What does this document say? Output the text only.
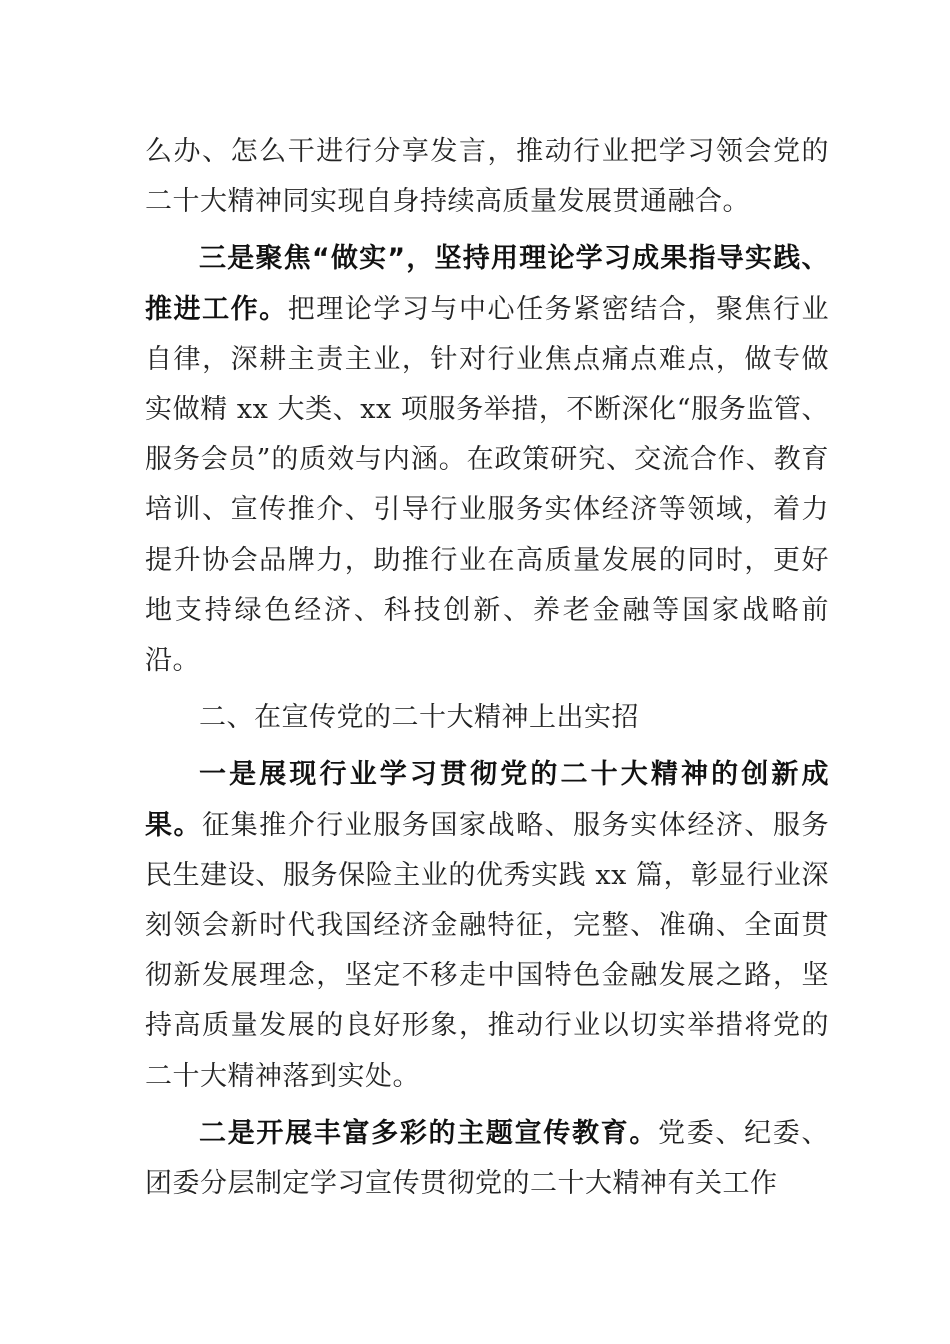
么办、怎么干进行分享发言，推动行业把学习领会党的二十大精神同实现自身持续高质量发展贯通融合。

三是聚焦“做实”，坚持用理论学习成果指导实践、推进工作。把理论学习与中心任务紧密结合，聚焦行业自律，深耕主责主业，针对行业焦点痛点难点，做专做实做精 xx 大类、xx 项服务举措，不断深化“服务监管、服务会员”的质效与内涵。在政策研究、交流合作、教育培训、宣传推介、引导行业服务实体经济等领域，着力提升协会品牌力，助推行业在高质量发展的同时，更好地支持绿色经济、科技创新、养老金融等国家战略前沿。

二、在宣传党的二十大精神上出实招

一是展现行业学习贯彻党的二十大精神的创新成果。征集推介行业服务国家战略、服务实体经济、服务民生建设、服务保险主业的优秀实践 xx 篇，彰显行业深刻领会新时代我国经济金融特征，完整、准确、全面贯彻新发展理念，坚定不移走中国特色金融发展之路，坚持高质量发展的良好形象，推动行业以切实举措将党的二十大精神落到实处。

二是开展丰富多彩的主题宣传教育。党委、纪委、团委分层制定学习宣传贯彻党的二十大精神有关工作
